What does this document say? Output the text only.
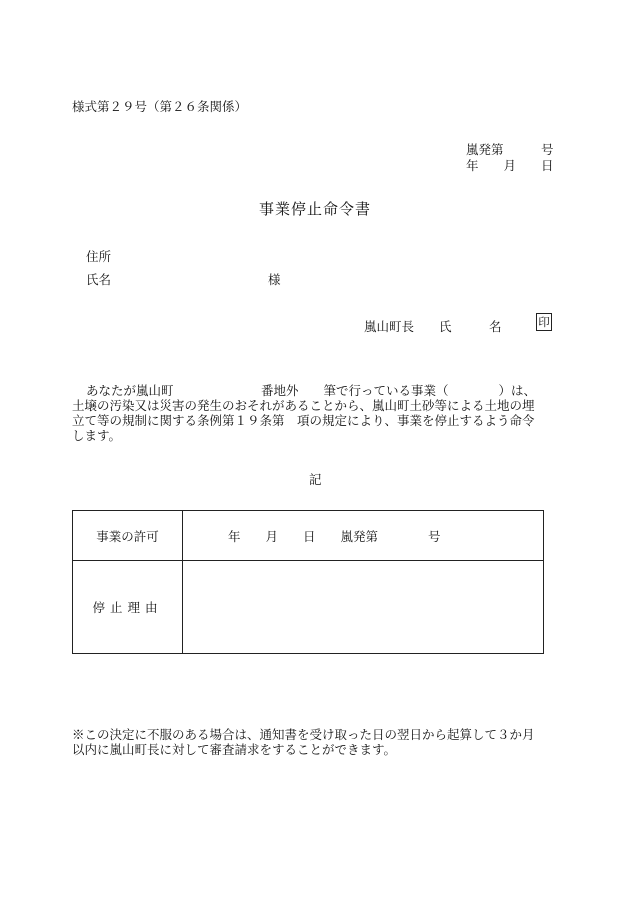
様式第２９号（第２６条関係）
嵐発第　　　号
年　　月　　日
事業停止命令書
住所
氏名	様
嵐山町長　　氏　　　名	印
あなたが嵐山町　　　　　　　番地外　　筆で行っている事業（　　　　）は、
土壌の汚染又は災害の発生のおそれがあることから、嵐山町土砂等による土地の埋
立て等の規制に関する条例第１９条第　項の規定により、事業を停止するよう命令
します。
記
事業の許可	年　　月　　日　　嵐発第　　　　号
停止理由	
※この決定に不服のある場合は、通知書を受け取った日の翌日から起算して３か月
以内に嵐山町長に対して審査請求をすることができます。
